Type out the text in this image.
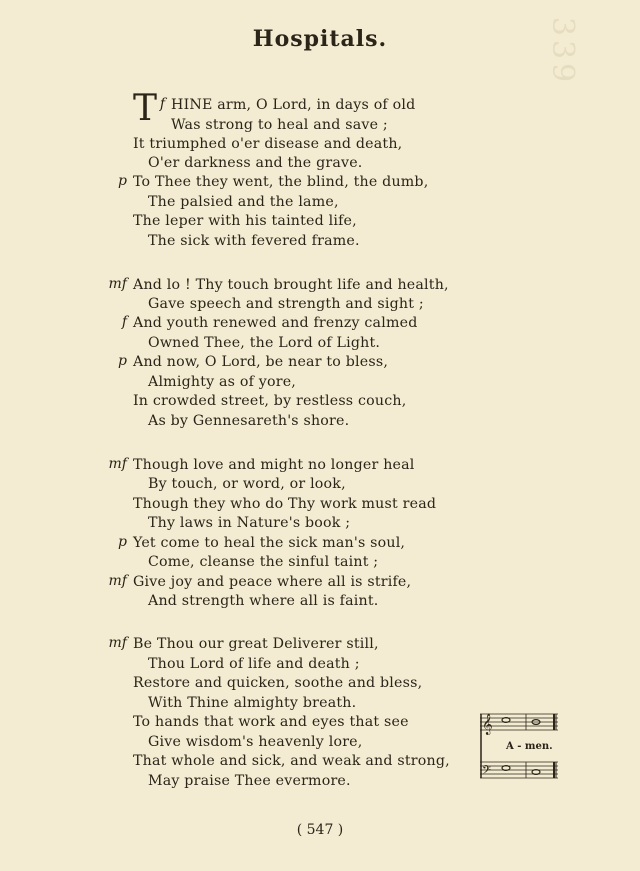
Hospitals.	339
T f HINE arm, O Lord, in days of old
Was strong to heal and save ;
It triumphed o'er disease and death,
O'er darkness and the grave.
p To Thee they went, the blind, the dumb,
The palsied and the lame,
The leper with his tainted life,
The sick with fevered frame.
mf And lo ! Thy touch brought life and health,
Gave speech and strength and sight ;
f And youth renewed and frenzy calmed
Owned Thee, the Lord of Light.
p And now, O Lord, be near to bless,
Almighty as of yore,
In crowded street, by restless couch,
As by Gennesareth's shore.
mf Though love and might no longer heal
By touch, or word, or look,
Though they who do Thy work must read
Thy laws in Nature's book ;
p Yet come to heal the sick man's soul,
Come, cleanse the sinful taint ;
mf Give joy and peace where all is strife,
And strength where all is faint.
mf Be Thou our great Deliverer still,
Thou Lord of life and death ;
Restore and quicken, soothe and bless,
With Thine almighty breath.
To hands that work and eyes that see
Give wisdom's heavenly lore,
That whole and sick, and weak and strong,
May praise Thee evermore.
𝄞
𝄢
A - men.
( 547 )
